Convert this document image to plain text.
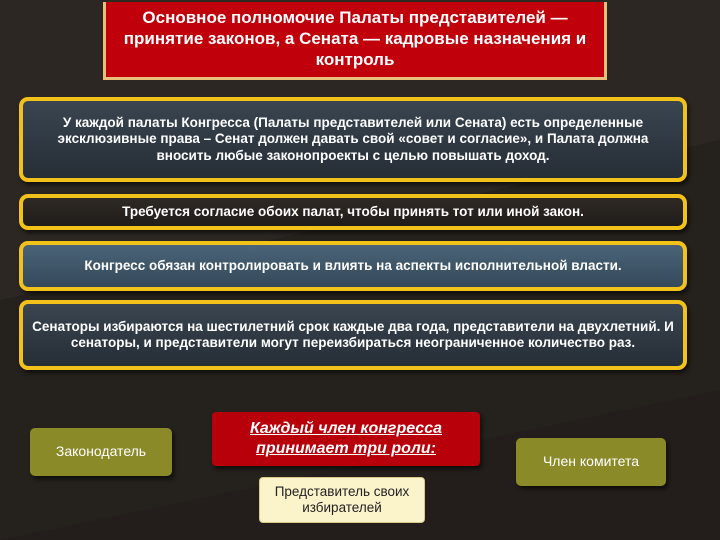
Основное полномочие Палаты представителей — принятие законов, а Сената — кадровые назначения и контроль
У каждой палаты Конгресса (Палаты представителей или Сената) есть определенные эксклюзивные права – Сенат должен давать свой «совет и согласие», и Палата должна вносить любые законопроекты с целью повышать доход.
Требуется согласие обоих палат, чтобы принять тот или иной закон.
Конгресс обязан контролировать и влиять на аспекты исполнительной власти.
Сенаторы избираются на шестилетний срок каждые два года, представители на двухлетний. И сенаторы, и представители могут переизбираться неограниченное количество раз.
Каждый член конгресса принимает три роли:
Законодатель
Член комитета
Представитель своих избирателей
